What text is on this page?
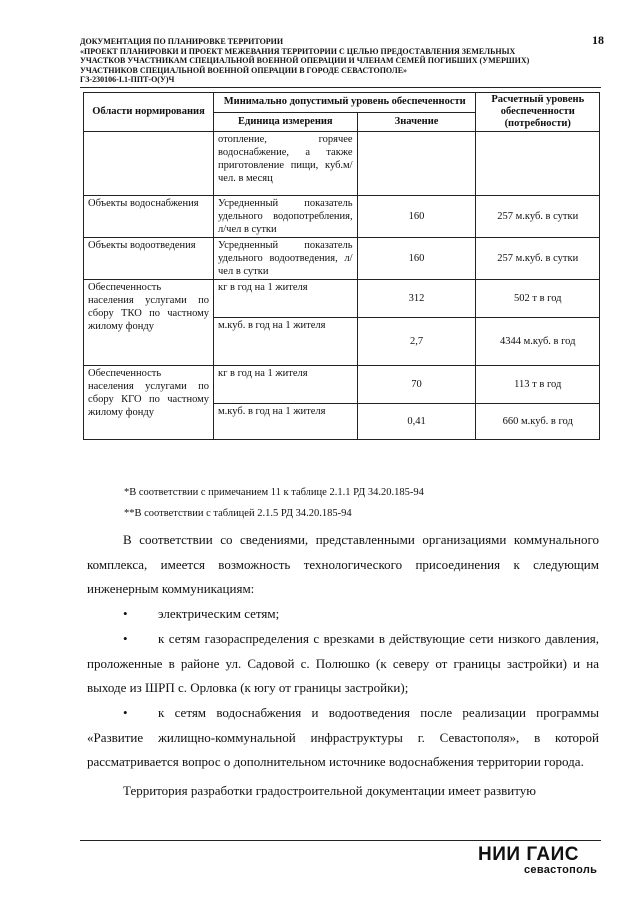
ДОКУМЕНТАЦИЯ ПО ПЛАНИРОВКЕ ТЕРРИТОРИИ
«ПРОЕКТ ПЛАНИРОВКИ И ПРОЕКТ МЕЖЕВАНИЯ ТЕРРИТОРИИ С ЦЕЛЬЮ ПРЕДОСТАВЛЕНИЯ ЗЕМЕЛЬНЫХ
УЧАСТКОВ УЧАСТНИКАМ СПЕЦИАЛЬНОЙ ВОЕННОЙ ОПЕРАЦИИ И ЧЛЕНАМ СЕМЕЙ ПОГИБШИХ (УМЕРШИХ)
УЧАСТНИКОВ СПЕЦИАЛЬНОЙ ВОЕННОЙ ОПЕРАЦИИ В ГОРОДЕ СЕВАСТОПОЛЕ»
ГЗ-230106-I.1-ППТ-О(У)Ч
18
Области нормирования	Минимально допустимый уровень обеспеченности		Расчетный уровень обеспеченности (потребности)
	Единица измерения	Значение	
	отопление, горячее водоснабжение, а также приготовление пищи, куб.м/чел. в месяц		
Объекты водоснабжения	Усредненный показатель удельного водопотребления, л/чел в сутки	160	257 м.куб. в сутки
Объекты водоотведения	Усредненный показатель удельного водоотведения, л/чел в сутки	160	257 м.куб. в сутки
Обеспеченность населения услугами по сбору ТКО по частному жилому фонду	кг в год на 1 жителя	312	502 т в год
	м.куб. в год на 1 жителя	2,7	4344 м.куб. в год
Обеспеченность населения услугами по сбору КГО по частному жилому фонду	кг в год на 1 жителя	70	113 т в год
	м.куб. в год на 1 жителя	0,41	660 м.куб. в год
*В соответствии с примечанием 11 к таблице 2.1.1 РД 34.20.185-94
**В соответствии с таблицей 2.1.5 РД 34.20.185-94

В соответствии со сведениями, представленными организациями коммунального комплекса, имеется возможность технологического присоединения к следующим инженерным коммуникациям:

• электрическим сетям;
• к сетям газораспределения с врезками в действующие сети низкого давления, проложенные в районе ул. Садовой с. Полюшко (к северу от границы застройки) и на выходе из ШРП с. Орловка (к югу от границы застройки);
• к сетям водоснабжения и водоотведения после реализации программы «Развитие жилищно-коммунальной инфраструктуры г. Севастополя», в которой рассматривается вопрос о дополнительном источнике водоснабжения территории города.

Территория разработки градостроительной документации имеет развитую

НИИ ГАИС
севастополь
